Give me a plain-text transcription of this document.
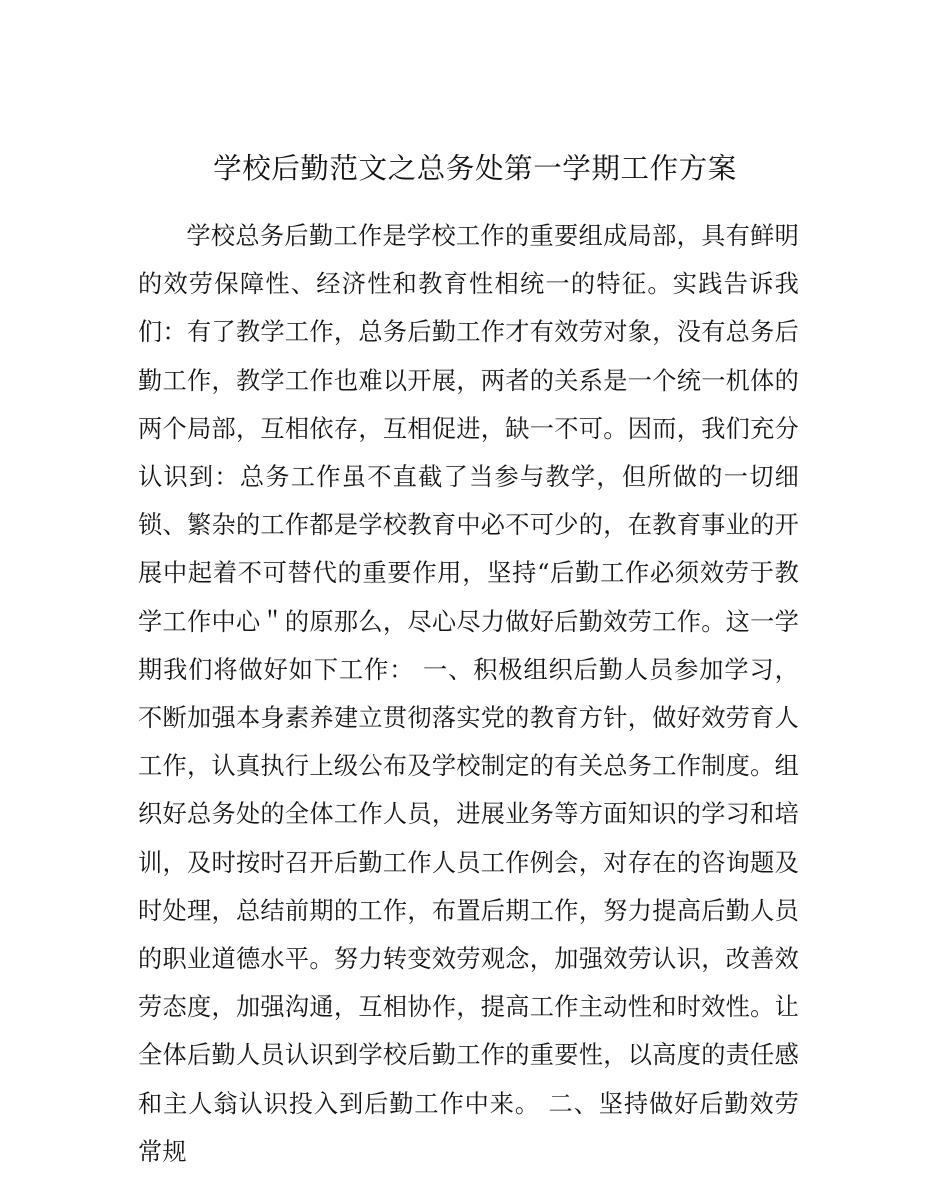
学校后勤范文之总务处第一学期工作方案

学校总务后勤工作是学校工作的重要组成局部，具有鲜明的效劳保障性、经济性和教育性相统一的特征。实践告诉我们：有了教学工作，总务后勤工作才有效劳对象，没有总务后勤工作，教学工作也难以开展，两者的关系是一个统一机体的两个局部，互相依存，互相促进，缺一不可。因而，我们充分认识到：总务工作虽不直截了当参与教学，但所做的一切细锁、繁杂的工作都是学校教育中必不可少的，在教育事业的开展中起着不可替代的重要作用，坚持“后勤工作必须效劳于教学工作中心＂的原那么，尽心尽力做好后勤效劳工作。这一学期我们将做好如下工作： 一、积极组织后勤人员参加学习，不断加强本身素养建立贯彻落实党的教育方针，做好效劳育人工作，认真执行上级公布及学校制定的有关总务工作制度。组织好总务处的全体工作人员，进展业务等方面知识的学习和培训，及时按时召开后勤工作人员工作例会，对存在的咨询题及时处理，总结前期的工作，布置后期工作，努力提高后勤人员的职业道德水平。努力转变效劳观念，加强效劳认识，改善效劳态度，加强沟通，互相协作，提高工作主动性和时效性。让全体后勤人员认识到学校后勤工作的重要性，以高度的责任感和主人翁认识投入到后勤工作中来。 二、坚持做好后勤效劳常规
